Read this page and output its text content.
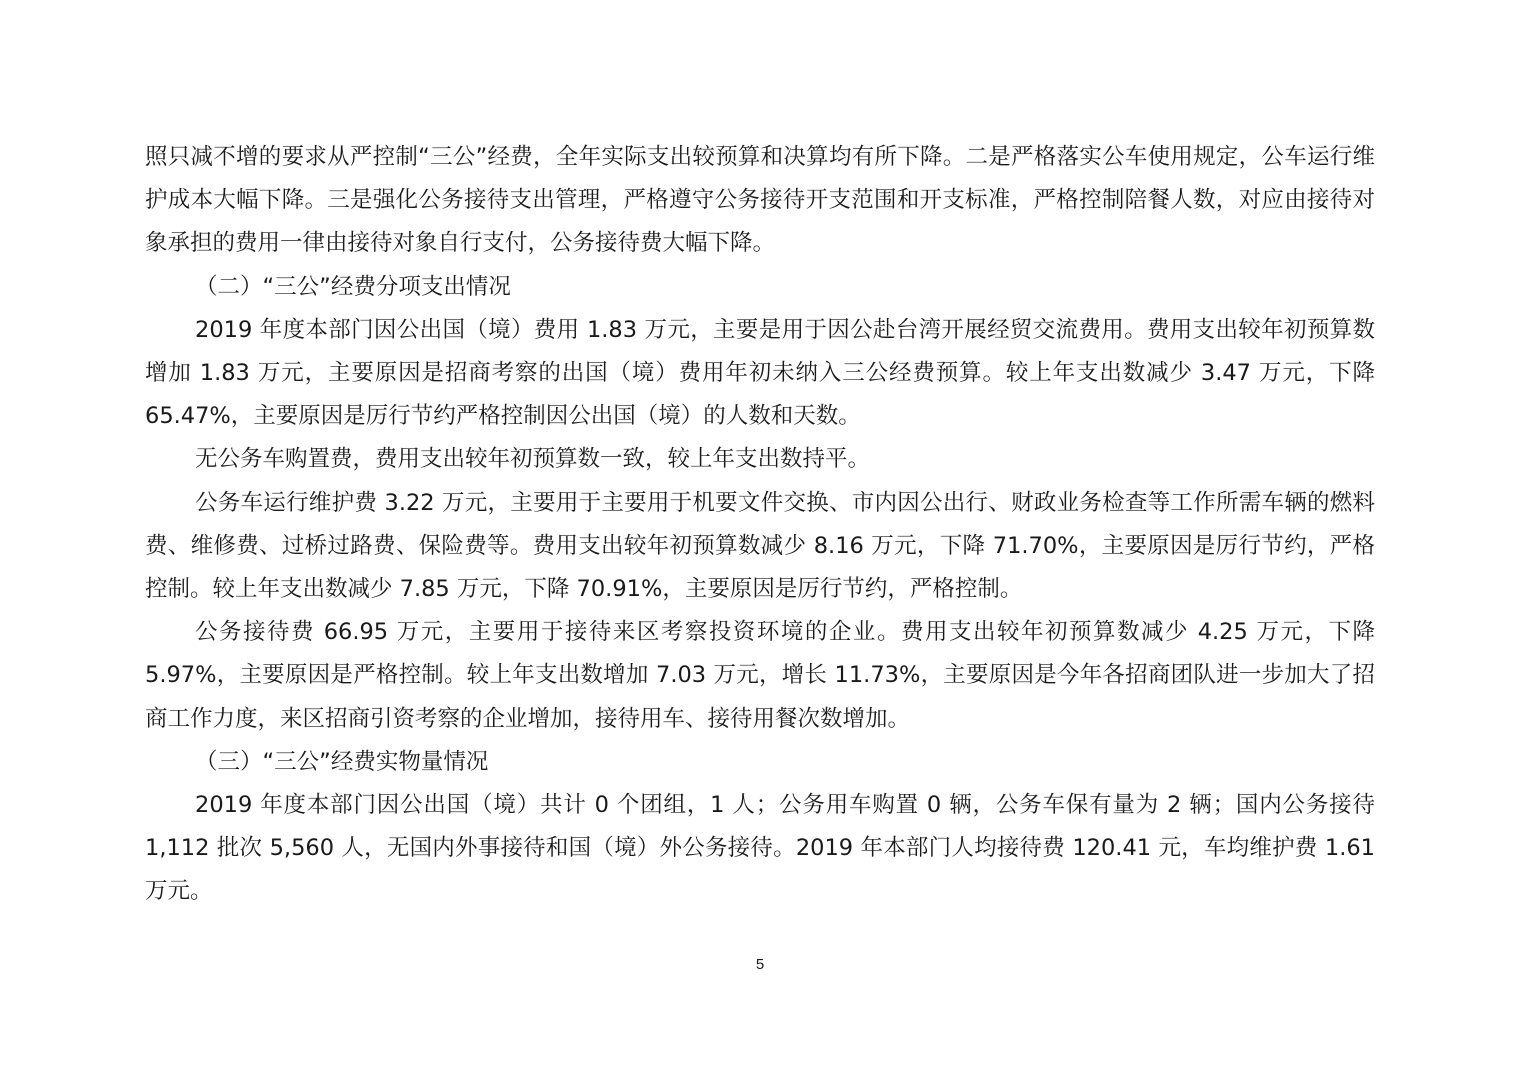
照只减不增的要求从严控制“三公”经费，全年实际支出较预算和决算均有所下降。二是严格落实公车使用规定，公车运行维护成本大幅下降。三是强化公务接待支出管理，严格遵守公务接待开支范围和开支标准，严格控制陪餐人数，对应由接待对象承担的费用一律由接待对象自行支付，公务接待费大幅下降。

（二）“三公”经费分项支出情况

2019 年度本部门因公出国（境）费用 1.83 万元，主要是用于因公赴台湾开展经贸交流费用。费用支出较年初预算数增加 1.83 万元，主要原因是招商考察的出国（境）费用年初未纳入三公经费预算。较上年支出数减少 3.47 万元，下降 65.47%，主要原因是厉行节约严格控制因公出国（境）的人数和天数。

无公务车购置费，费用支出较年初预算数一致，较上年支出数持平。

公务车运行维护费 3.22 万元，主要用于主要用于机要文件交换、市内因公出行、财政业务检查等工作所需车辆的燃料费、维修费、过桥过路费、保险费等。费用支出较年初预算数减少 8.16 万元，下降 71.70%，主要原因是厉行节约，严格控制。较上年支出数减少 7.85 万元，下降 70.91%，主要原因是厉行节约，严格控制。

公务接待费 66.95 万元，主要用于接待来区考察投资环境的企业。费用支出较年初预算数减少 4.25 万元，下降 5.97%，主要原因是严格控制。较上年支出数增加 7.03 万元，增长 11.73%，主要原因是今年各招商团队进一步加大了招商工作力度，来区招商引资考察的企业增加，接待用车、接待用餐次数增加。

（三）“三公”经费实物量情况

2019 年度本部门因公出国（境）共计 0 个团组，1 人；公务用车购置 0 辆，公务车保有量为 2 辆；国内公务接待 1,112 批次 5,560 人，无国内外事接待和国（境）外公务接待。2019 年本部门人均接待费 120.41 元，车均维护费 1.61 万元。

5
